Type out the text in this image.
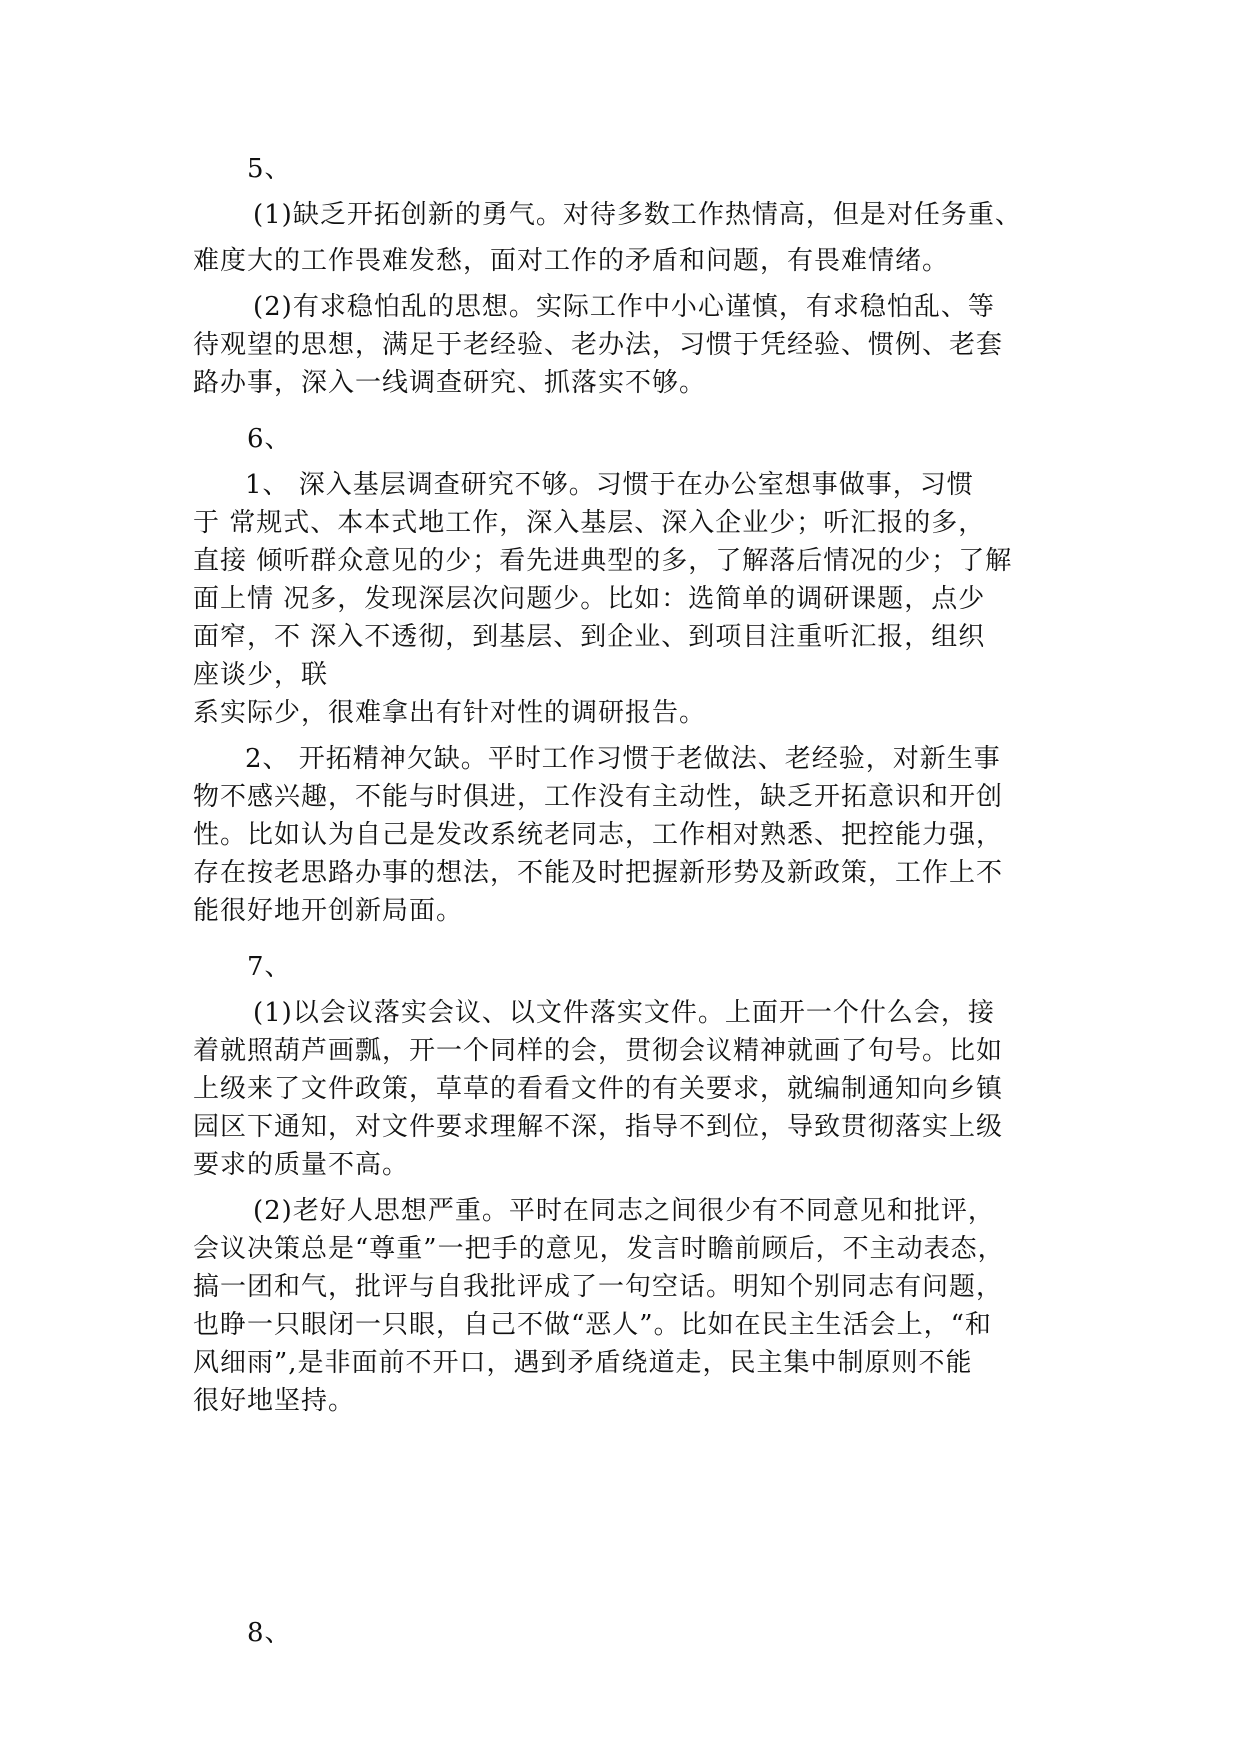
5、
(1)缺乏开拓创新的勇气。对待多数工作热情高，但是对任务重、
难度大的工作畏难发愁，面对工作的矛盾和问题，有畏难情绪。
(2)有求稳怕乱的思想。实际工作中小心谨慎，有求稳怕乱、等
待观望的思想，满足于老经验、老办法，习惯于凭经验、惯例、老套
路办事，深入一线调查研究、抓落实不够。
6、
1、 深入基层调查研究不够。习惯于在办公室想事做事，习惯
于 常规式、本本式地工作，深入基层、深入企业少；听汇报的多，
直接 倾听群众意见的少；看先进典型的多，了解落后情况的少；了解
面上情 况多，发现深层次问题少。比如：选简单的调研课题，点少
面窄，不 深入不透彻，到基层、到企业、到项目注重听汇报，组织
座谈少，联
系实际少，很难拿出有针对性的调研报告。
2、 开拓精神欠缺。平时工作习惯于老做法、老经验，对新生事
物不感兴趣，不能与时俱进，工作没有主动性，缺乏开拓意识和开创
性。比如认为自己是发改系统老同志，工作相对熟悉、把控能力强，
存在按老思路办事的想法，不能及时把握新形势及新政策，工作上不
能很好地开创新局面。
7、
(1)以会议落实会议、以文件落实文件。上面开一个什么会，接
着就照葫芦画瓢，开一个同样的会，贯彻会议精神就画了句号。比如
上级来了文件政策，草草的看看文件的有关要求，就编制通知向乡镇
园区下通知，对文件要求理解不深，指导不到位，导致贯彻落实上级
要求的质量不高。
(2)老好人思想严重。平时在同志之间很少有不同意见和批评，
会议决策总是“尊重”一把手的意见，发言时瞻前顾后，不主动表态，
搞一团和气，批评与自我批评成了一句空话。明知个别同志有问题，
也睁一只眼闭一只眼，自己不做“恶人”。比如在民主生活会上，“和
风细雨”,是非面前不开口，遇到矛盾绕道走，民主集中制原则不能
很好地坚持。
8、
